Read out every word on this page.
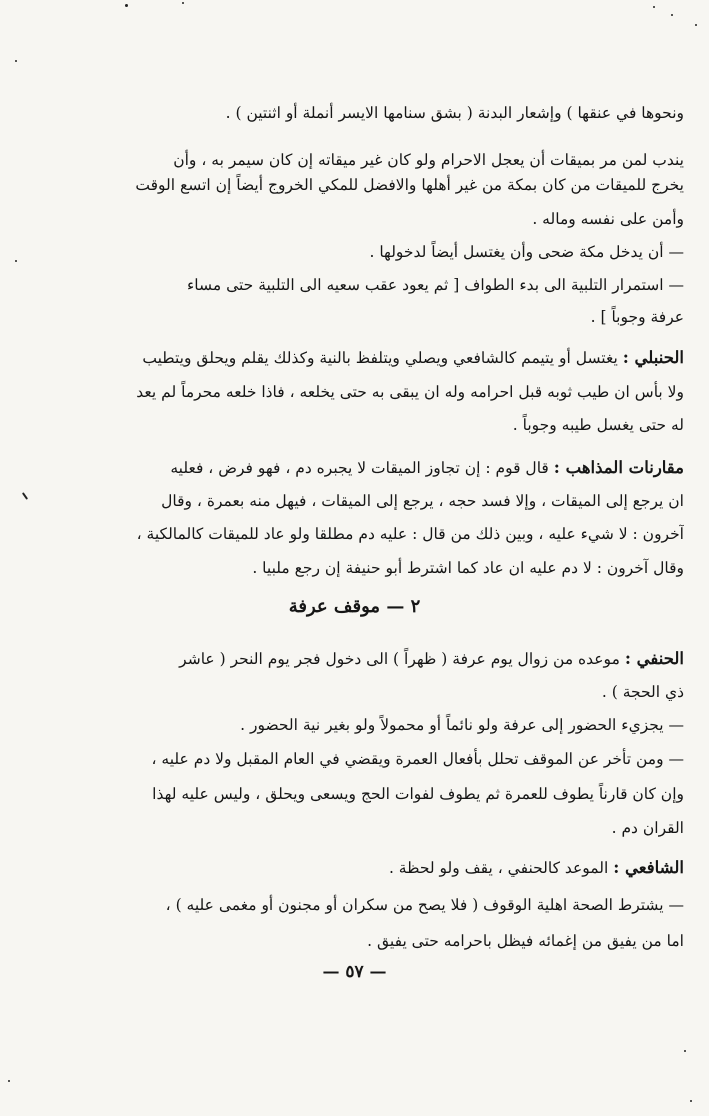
ونحوها في عنقها ) وإشعار البدنة ( بشق سنامها الايسر أنملة أو اثنتين ) .
يندب لمن مر بميقات أن يعجل الاحرام ولو كان غير ميقاته إن كان سيمر به ، وأن
يخرج للميقات من كان بمكة من غير أهلها والافضل للمكي الخروج أيضاً إن اتسع الوقت
وأمن على نفسه وماله .
— أن يدخل مكة ضحى وأن يغتسل أيضاً لدخولها .
— استمرار التلبية الى بدء الطواف [ ثم يعود عقب سعيه الى التلبية حتى مساء
عرفة وجوباً ] .
الحنبلي : يغتسل أو يتيمم كالشافعي ويصلي ويتلفظ بالنية وكذلك يقلم ويحلق ويتطيب
ولا بأس ان طيب ثوبه قبل احرامه وله ان يبقى به حتى يخلعه ، فاذا خلعه محرماً لم يعد
له حتى يغسل طيبه وجوباً .
مقارنات المذاهب : قال قوم : إن تجاوز الميقات لا يجبره دم ، فهو فرض ، فعليه
ان يرجع إلى الميقات ، وإلا فسد حجه ، يرجع إلى الميقات ، فيهل منه بعمرة ، وقال
آخرون : لا شيء عليه ، وبين ذلك من قال : عليه دم مطلقا ولو عاد للميقات كالمالكية ،
وقال آخرون : لا دم عليه ان عاد كما اشترط أبو حنيفة إن رجع ملبيا .
الحنفي : موعده من زوال يوم عرفة ( ظهراً ) الى دخول فجر يوم النحر ( عاشر
ذي الحجة ) .
— يجزيء الحضور إلى عرفة ولو نائماً أو محمولاً ولو بغير نية الحضور .
— ومن تأخر عن الموقف تحلل بأفعال العمرة ويقضي في العام المقبل ولا دم عليه ،
وإن كان قارناً يطوف للعمرة ثم يطوف لفوات الحج ويسعى ويحلق ، وليس عليه لهذا
القران دم .
الشافعي : الموعد كالحنفي ، يقف ولو لحظة .
— يشترط الصحة اهلية الوقوف ( فلا يصح من سكران أو مجنون أو مغمى عليه ) ،
اما من يفيق من إغمائه فيظل باحرامه حتى يفيق .
٢ — موقف عرفة
— ٥٧ —
